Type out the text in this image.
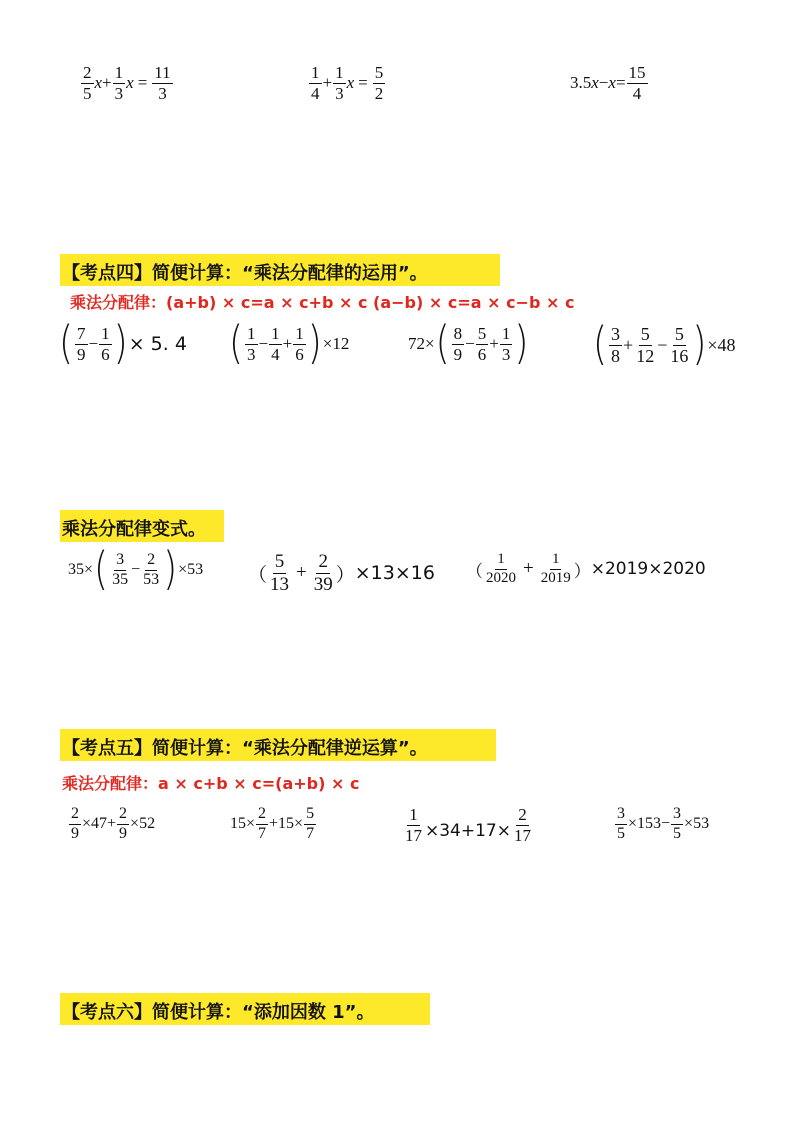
$\frac{2}{5}$ $x + \frac{1}{3}$ $x = \frac{11}{3}$	$\frac{1}{4} + \frac{1}{3}$ $x = \frac{5}{2}$	3.5 $x - x = \frac{15}{4}$
【考点四】简便计算：“乘法分配律的运用”。
乘法分配律：(a+b) × c=a × c+b × c (a−b) × c=a × c−b × c
( $\frac{7}{9} - \frac{1}{6}$ ) × 5. 4 ( $\frac{1}{3} - \frac{1}{4} + \frac{1}{6}$ ) ×12	72× ( $\frac{8}{9} - \frac{5}{6} + \frac{1}{3}$ ) ( $\frac{3}{8} + \frac{5}{12} - \frac{5}{16}$ ) ×48
乘法分配律变式。
35× ( $\frac{3}{35} - \frac{2}{53}$ ) ×53 （ $\frac{5}{13} + \frac{2}{39}$ ） ×13×16 （ $\frac{1}{2020} + \frac{1}{2019}$ ） ×2019×2020
【考点五】简便计算：“乘法分配律逆运算”。
乘法分配律：a × c+b × c=(a+b) × c
$\frac{2}{9} \times 47+ \frac{2}{9} \times 52$	$15\times \frac{2}{7} +15\times \frac{5}{7}$	$\frac{1}{17} \times 34+17\times \frac{2}{17}$	$\frac{3}{5} \times 153- \frac{3}{5} \times 53$
【考点六】简便计算：“添加因数 1”。
